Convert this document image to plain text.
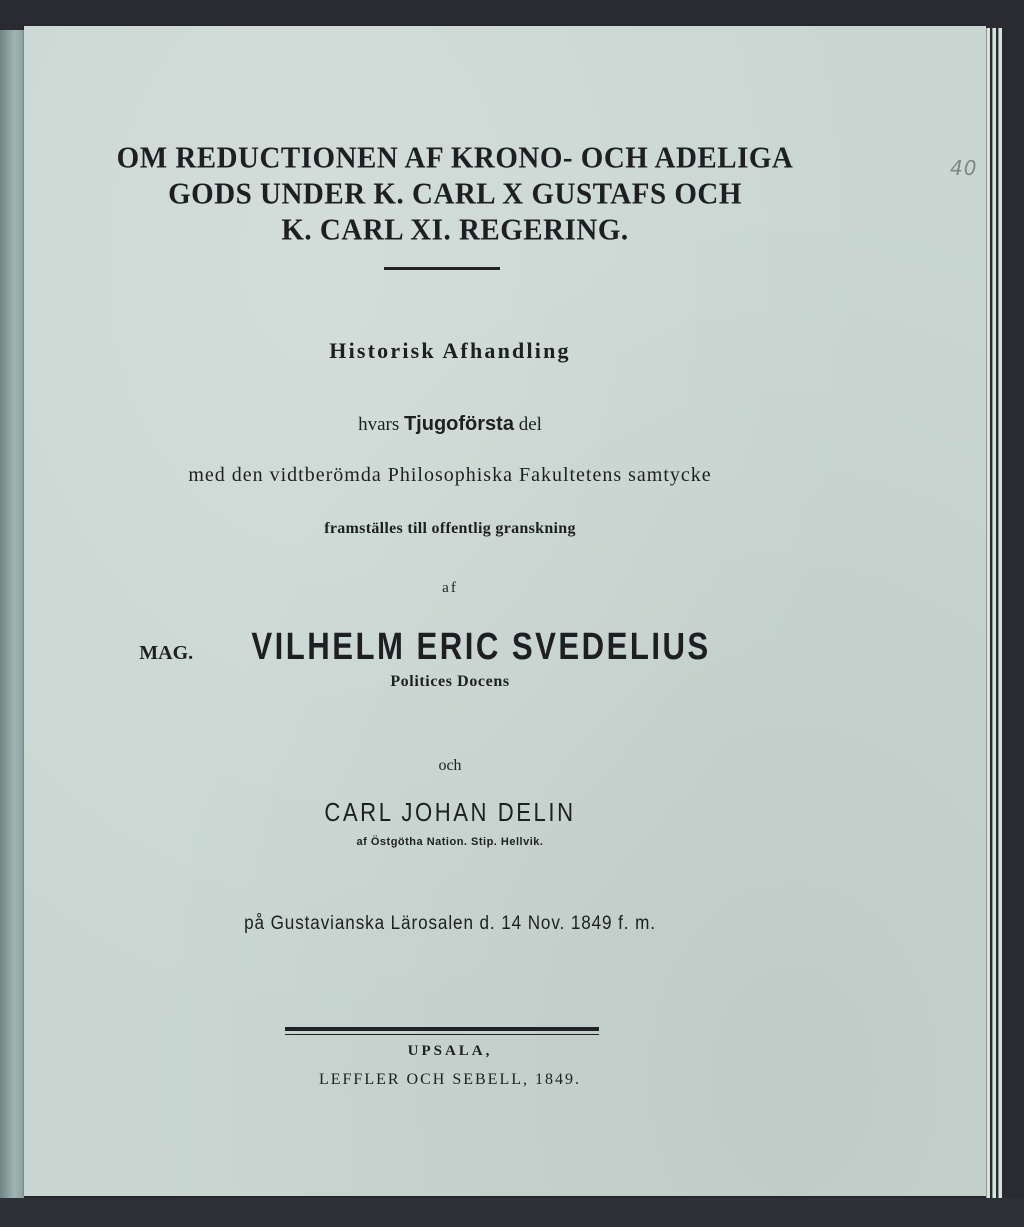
40
OM REDUCTIONEN AF KRONO- OCH ADELIGA
GODS UNDER K. CARL X GUSTAFS OCH
K. CARL XI. REGERING.
Historisk Afhandling
hvars Tjugoförsta del
med den vidtberömda Philosophiska Fakultetens samtycke
framställes till offentlig granskning
af
MAG. VILHELM ERIC SVEDELIUS
Politices Docens
och
CARL JOHAN DELIN
af Östgötha Nation. Stip. Hellvik.
på Gustavianska Lärosalen d. 14 Nov. 1849 f. m.
UPSALA,
LEFFLER OCH SEBELL, 1849.
